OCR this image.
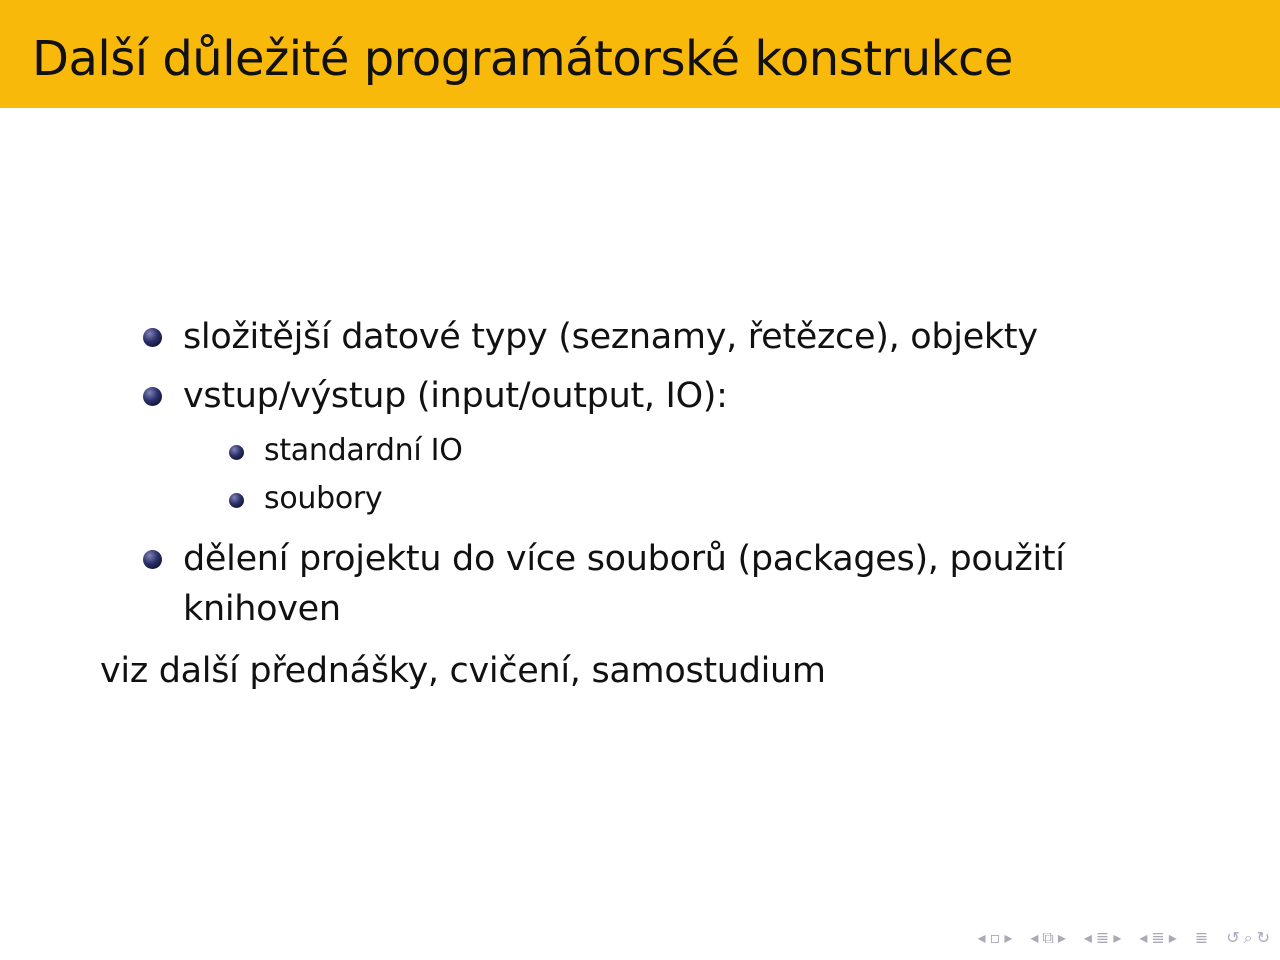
Další důležité programátorské konstrukce
složitější datové typy (seznamy, řetězce), objekty
vstup/výstup (input/output, IO):
standardní IO
soubory
dělení projektu do více souborů (packages), použití
knihoven
viz další přednášky, cvičení, samostudium
◂ ▫ ▸ ◂ ⧉ ▸ ◂ ≣ ▸ ◂ ≣ ▸ ≣ ↺ ⌕ ↻
